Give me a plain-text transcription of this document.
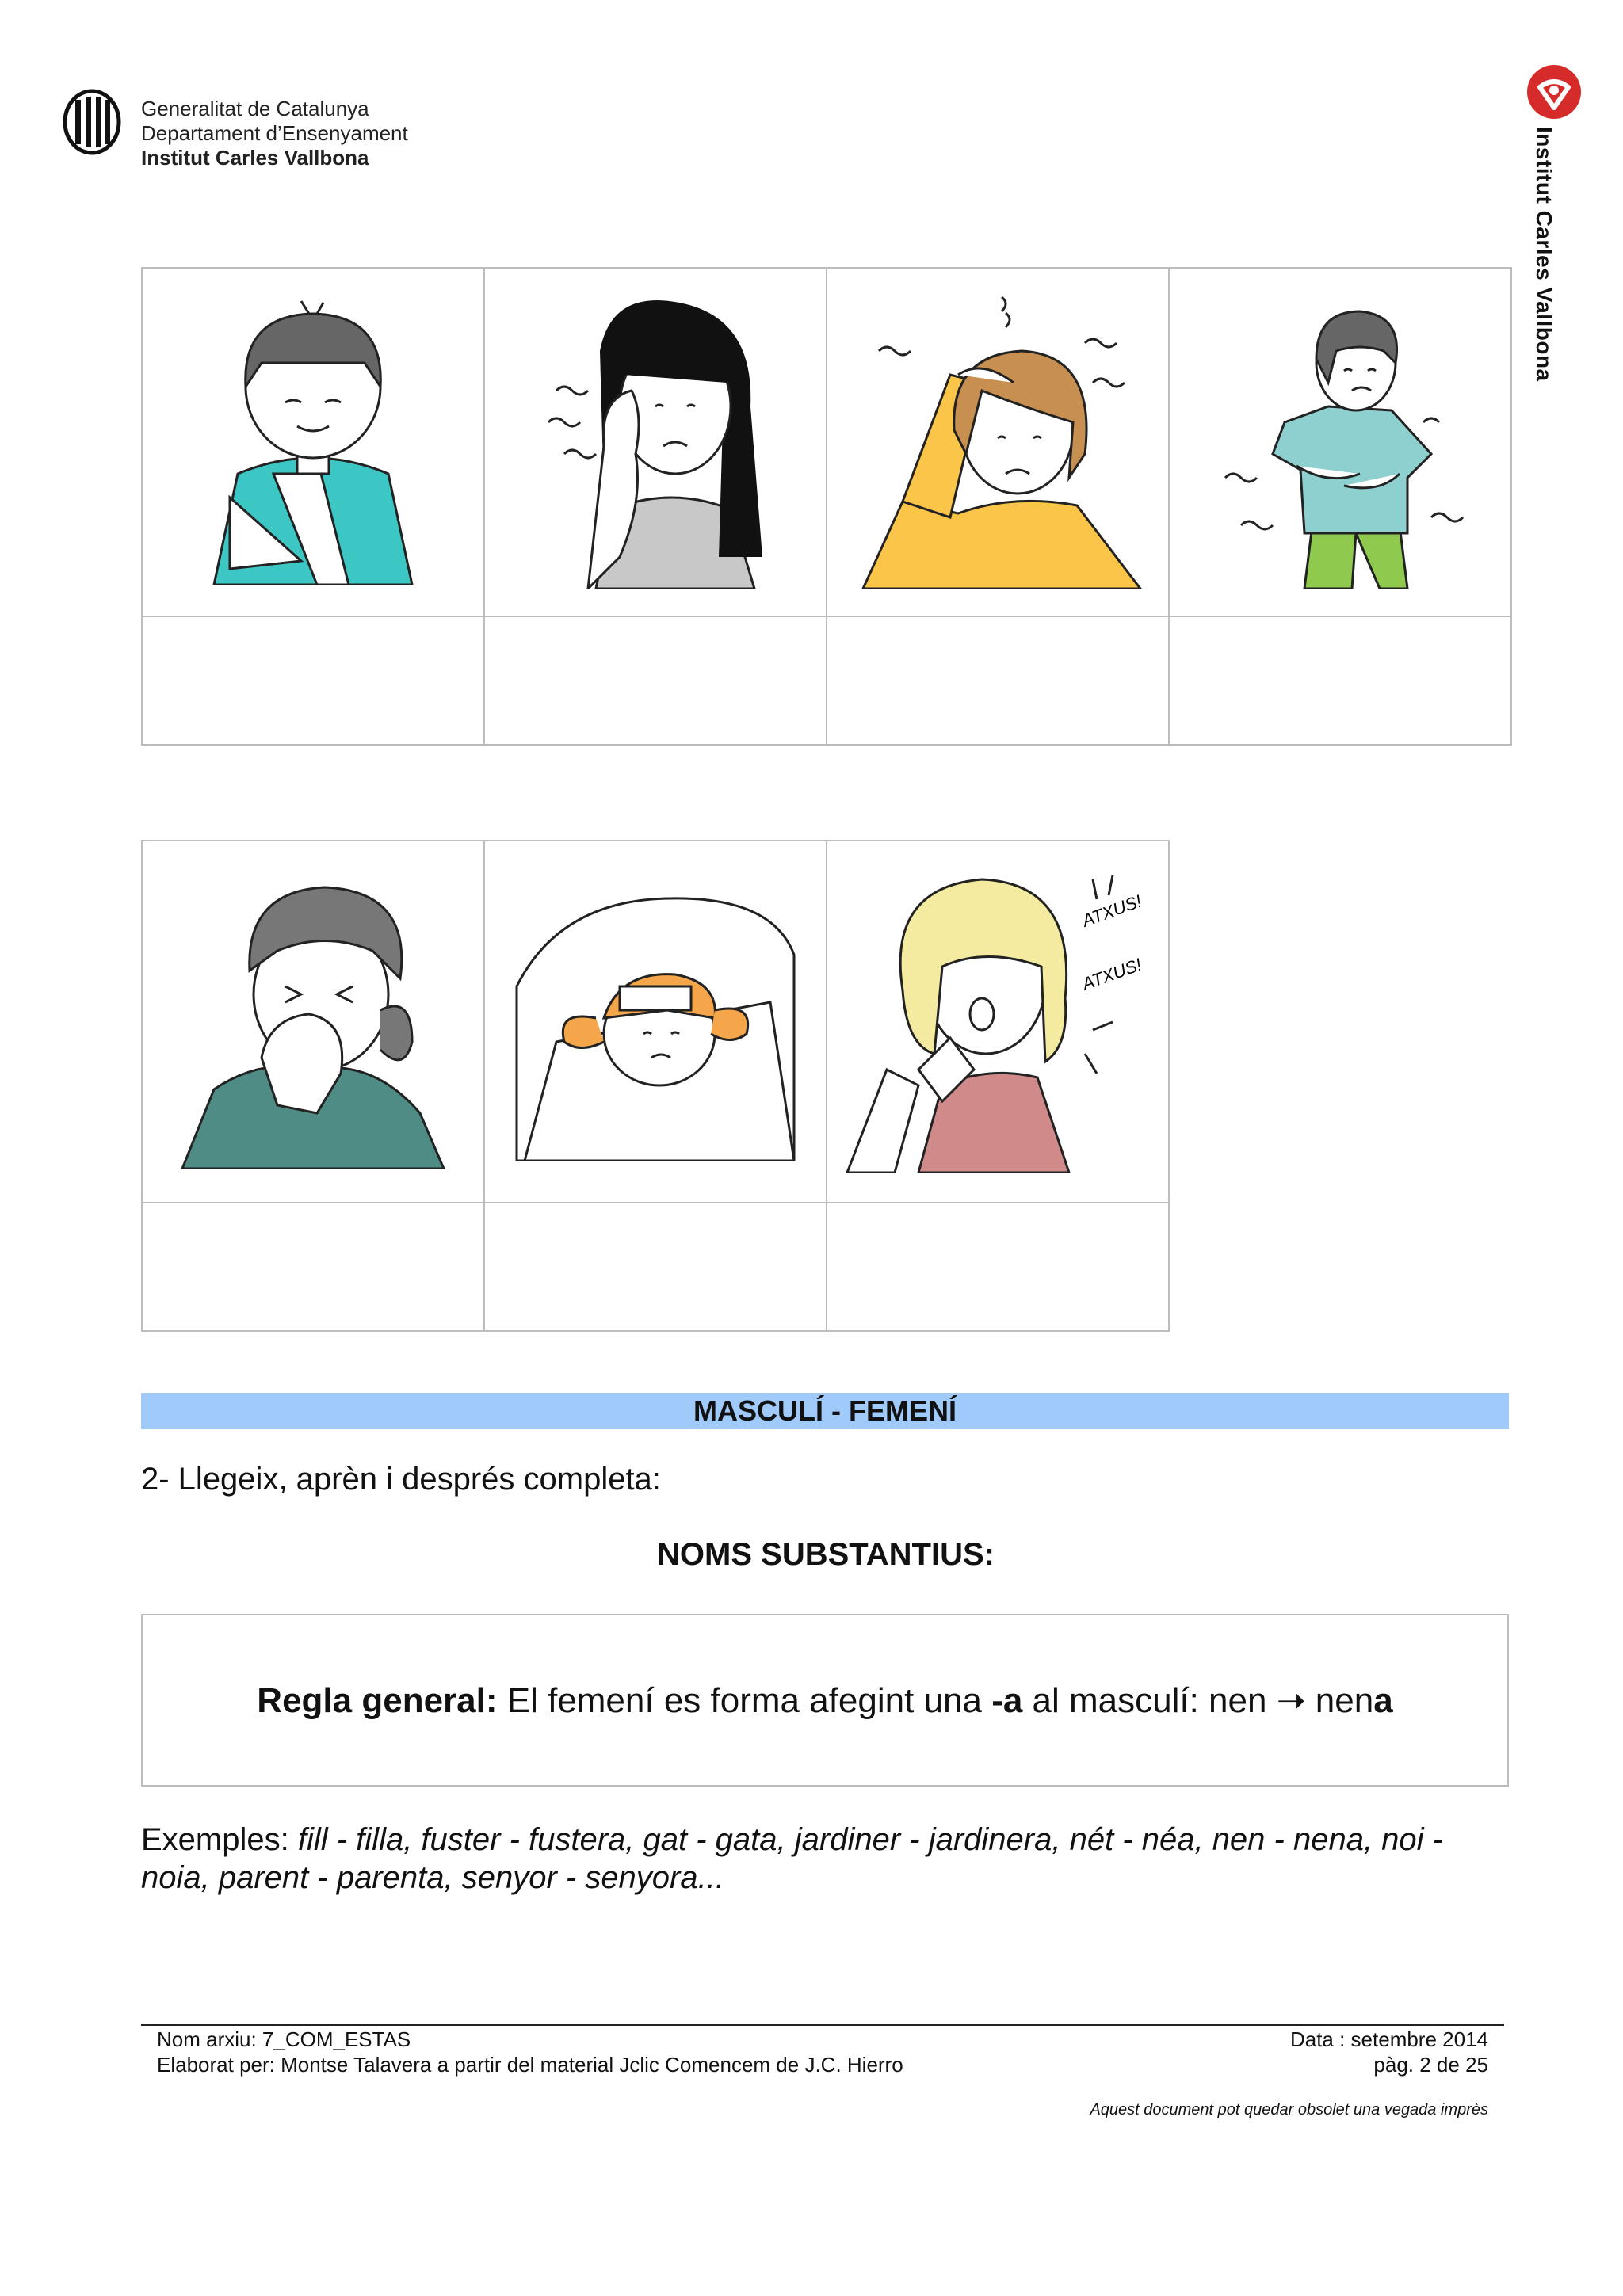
Generalitat de Catalunya
Departament d’Ensenyament
Institut Carles Vallbona	Institut Carles Vallbona

ATXUS!
ATXUS!

MASCULÍ - FEMENÍ
2- Llegeix, aprèn i després completa:
NOMS SUBSTANTIUS:
Regla general: El femení es forma afegint una -a al masculí: nen ➝ nena
Exemples: fill - filla, fuster - fustera, gat - gata, jardiner - jardinera, nét - néa, nen - nena, noi - noia, parent - parenta, senyor - senyora...
Nom arxiu: 7_COM_ESTAS
Elaborat per: Montse Talavera a partir del material Jclic Comencem de J.C. Hierro
Data : setembre 2014
pàg. 2 de 25
Aquest document pot quedar obsolet una vegada imprès
